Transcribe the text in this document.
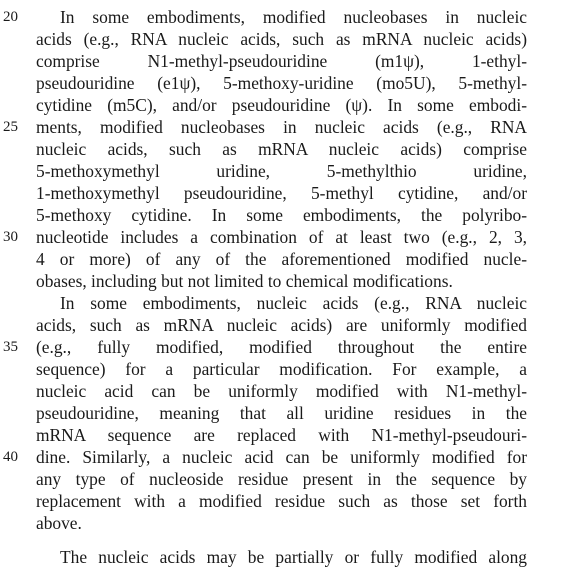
20
25
30
35
40
In some embodiments, modified nucleobases in nucleic
acids (e.g., RNA nucleic acids, such as mRNA nucleic acids)
comprise N1-methyl-pseudouridine (m1ψ), 1-ethyl-
pseudouridine (e1ψ), 5-methoxy-uridine (mo5U), 5-methyl-
cytidine (m5C), and/or pseudouridine (ψ). In some embodi-
ments, modified nucleobases in nucleic acids (e.g., RNA
nucleic acids, such as mRNA nucleic acids) comprise
5-methoxymethyl uridine, 5-methylthio uridine,
1-methoxymethyl pseudouridine, 5-methyl cytidine, and/or
5-methoxy cytidine. In some embodiments, the polyribo-
nucleotide includes a combination of at least two (e.g., 2, 3,
4 or more) of any of the aforementioned modified nucle-
obases, including but not limited to chemical modifications.
In some embodiments, nucleic acids (e.g., RNA nucleic
acids, such as mRNA nucleic acids) are uniformly modified
(e.g., fully modified, modified throughout the entire
sequence) for a particular modification. For example, a
nucleic acid can be uniformly modified with N1-methyl-
pseudouridine, meaning that all uridine residues in the
mRNA sequence are replaced with N1-methyl-pseudouri-
dine. Similarly, a nucleic acid can be uniformly modified for
any type of nucleoside residue present in the sequence by
replacement with a modified residue such as those set forth
above.
The nucleic acids may be partially or fully modified along
